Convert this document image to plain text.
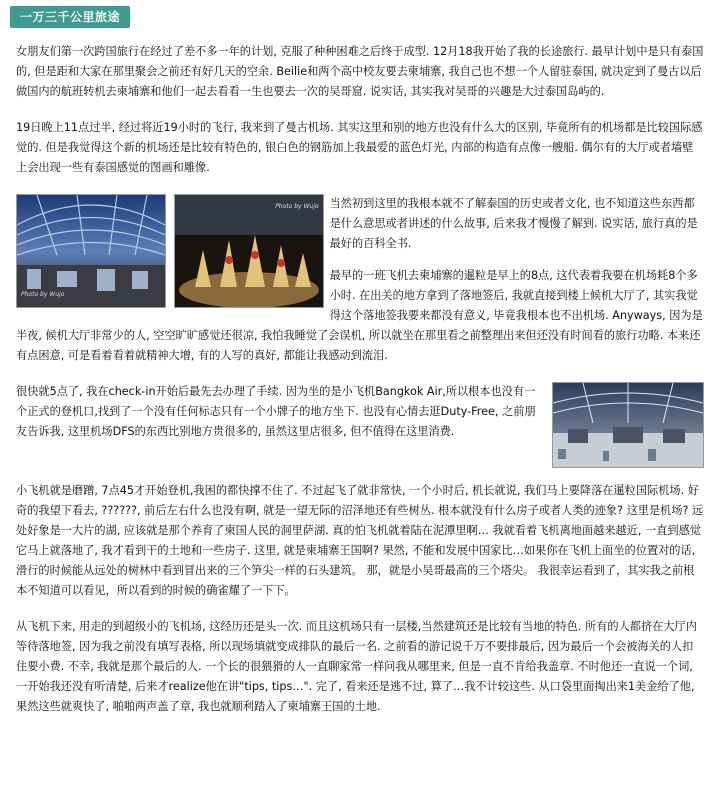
一万三千公里旅途

女朋友们第一次跨国旅行在经过了差不多一年的计划, 克服了种种困难之后终于成型. 12月18我开始了我的长途旅行. 最早计划中是只有泰国的, 但是距和大家在那里聚会之前还有好几天的空余. Beilie和两个高中校友要去柬埔寨, 我自己也不想一个人留驻泰国, 就决定到了曼古以后做国内的航班转机去柬埔寨和他们一起去看看一生也要去一次的吴哥窟. 说实话, 其实我对吴哥的兴趣是大过泰国岛屿的.

19日晚上11点过半, 经过将近19小时的飞行, 我来到了曼古机场. 其实这里和别的地方也没有什么大的区别, 毕竟所有的机场都是比较国际感觉的. 但是我觉得这个新的机场还是比较有特色的, 银白色的钢筋加上我最爱的蓝色灯光, 内部的构造有点像一艘船. 偶尔有的大厅或者墙壁上会出现一些有泰国感觉的图画和雕像.

Photo by Wujo

Photo by Wujo 当然初到这里的我根本就不了解泰国的历史或者文化, 也不知道这些东西都是什么意思或者讲述的什么故事, 后来我才慢慢了解到. 说实话, 旅行真的是最好的百科全书.

最早的一班飞机去柬埔寨的暹粒是早上的8点, 这代表着我要在机场耗8个多小时. 在出关的地方拿到了落地签后, 我就直接到楼上候机大厅了, 其实我觉得这个落地签我要来都没有意义, 毕竟我根本也不出机场. Anyways, 因为是半夜, 候机大厅非常少的人, 空空旷旷感觉还很凉, 我怕我睡觉了会误机, 所以就坐在那里看之前整理出来但还没有时间看的旅行功略. 本来还有点困意, 可是看着看着就精神大增, 有的人写的真好, 都能让我感动到流泪.

很快就5点了, 我在check-in开始后最先去办理了手续. 因为坐的是小飞机Bangkok Air,所以根本也没有一个正式的登机口,找到了一个没有任何标志只有一个小牌子的地方坐下. 也没有心情去逛Duty-Free, 之前朋友告诉我, 这里机场DFS的东西比别地方贵很多的, 虽然这里店很多, 但不值得在这里消费.

小飞机就是磨蹭, 7点45才开始登机,我困的都快撑不住了. 不过起飞了就非常快, 一个小时后, 机长就说, 我们马上要降落在暹粒国际机场. 好奇的我望下看去, ??????, 前后左右什么也没有啊, 就是一望无际的沼泽地还有些树丛. 根本就没有什么房子或者人类的迹象? 这里是机场? 远处好象是一大片的湖, 应该就是那个养育了柬国人民的洞里萨湖. 真的怕飞机就着陆在泥潭里啊… 我就看着飞机离地面越来越近, 一直到感觉它马上就落地了, 我才看到干的土地和一些房子. 这里, 就是柬埔寨王国啊? 果然, 不能和发展中国家比…如果你在飞机上面坐的位置对的话, 滑行的时候能从远处的树林中看到冒出来的三个笋尖一样的石头建筑。 那，就是小吴哥最高的三个塔尖。 我很幸运看到了，其实我之前根本不知道可以看见，所以看到的时候的确雀耀了一下下。

从飞机下来, 用走的到超级小的飞机场, 这经历还是头一次. 而且这机场只有一层楼,当然建筑还是比较有当地的特色. 所有的人都挤在大厅内等待落地签, 因为我之前没有填写表格, 所以现场填就变成排队的最后一名. 之前看的游记说千万不要排最后, 因为最后一个会被海关的人扣住要小费. 不幸, 我就是那个最后的人. 一个长的很猥猾的人一直聊家常一样问我从哪里来, 但是一直不肯给我盖章. 不时他还一直说一个词, 一开始我还没有听清楚, 后来才realize他在讲"tips, tips…". 完了, 看来还是逃不过, 算了…我不计较这些. 从口袋里面掏出来1美金给了他, 果然这些就爽快了, 啪啪两声盖了章, 我也就顺利踏入了柬埔寨王国的土地.
